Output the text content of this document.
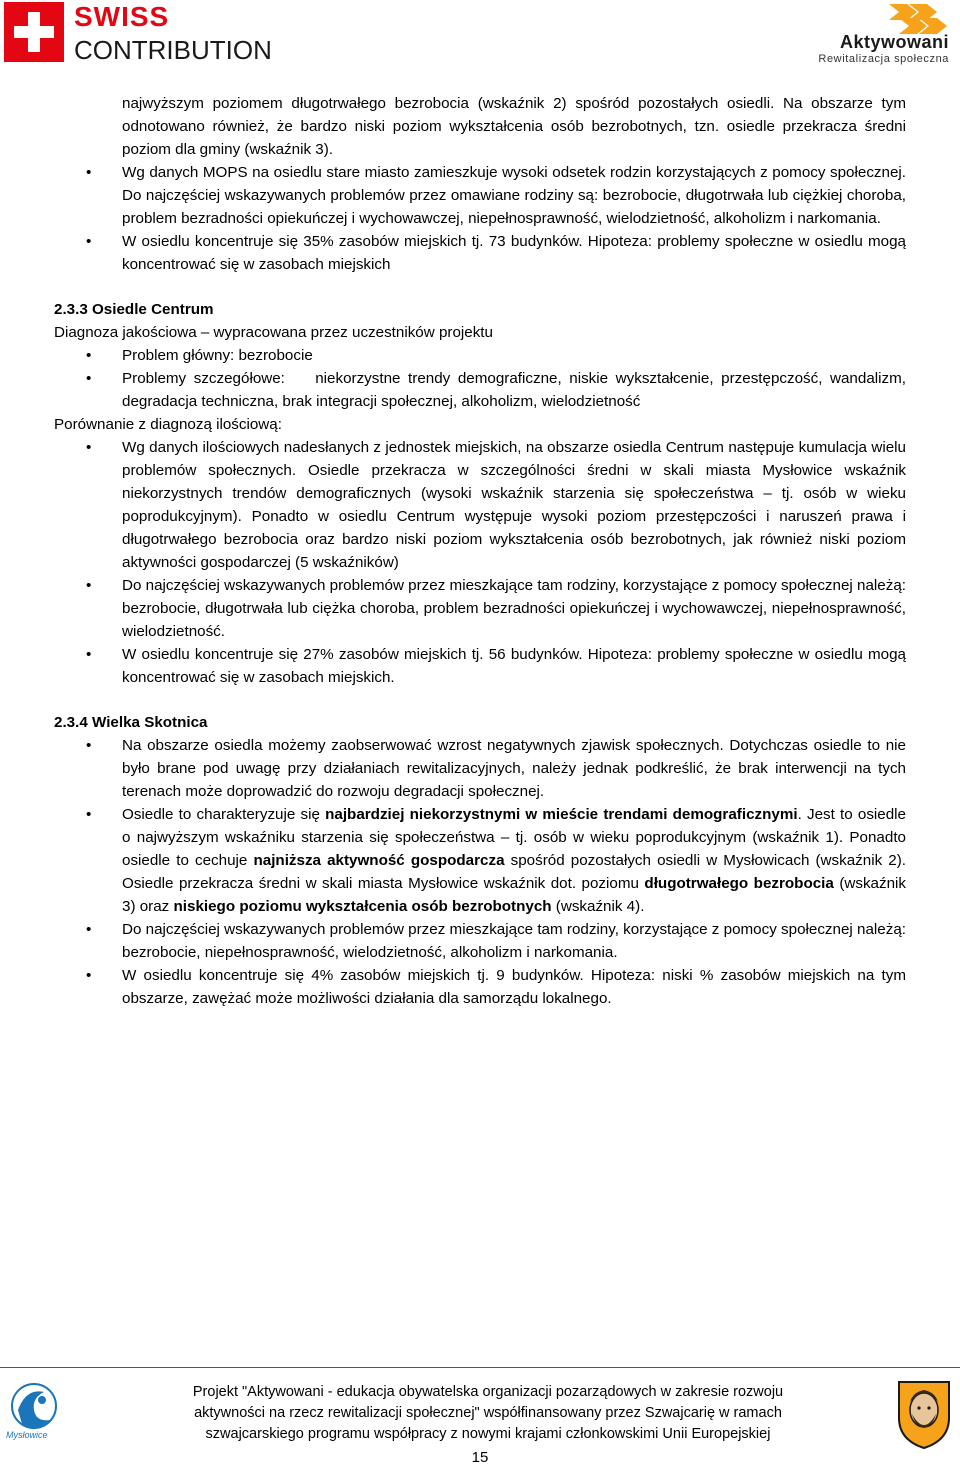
SWISS
CONTRIBUTION	Aktywowani
Rewitalizacja społeczna

najwyższym poziomem długotrwałego bezrobocia (wskaźnik 2) spośród pozostałych osiedli. Na obszarze tym odnotowano również, że bardzo niski poziom wykształcenia osób bezrobotnych, tzn. osiedle przekracza średni poziom dla gminy (wskaźnik 3).

• Wg danych MOPS na osiedlu stare miasto zamieszkuje wysoki odsetek rodzin korzystających z pomocy społecznej. Do najczęściej wskazywanych problemów przez omawiane rodziny są: bezrobocie, długotrwała lub ciężkiej choroba, problem bezradności opiekuńczej i wychowawczej, niepełnosprawność, wielodzietność, alkoholizm i narkomania.
• W osiedlu koncentruje się 35% zasobów miejskich tj. 73 budynków. Hipoteza: problemy społeczne w osiedlu mogą koncentrować się w zasobach miejskich

2.3.3 Osiedle Centrum

Diagnoza jakościowa – wypracowana przez uczestników projektu

• Problem główny: bezrobocie
• Problemy szczegółowe: niekorzystne trendy demograficzne, niskie wykształcenie, przestępczość, wandalizm, degradacja techniczna, brak integracji społecznej, alkoholizm, wielodzietność

Porównanie z diagnozą ilościową:

• Wg danych ilościowych nadesłanych z jednostek miejskich, na obszarze osiedla Centrum następuje kumulacja wielu problemów społecznych. Osiedle przekracza w szczególności średni w skali miasta Mysłowice wskaźnik niekorzystnych trendów demograficznych (wysoki wskaźnik starzenia się społeczeństwa – tj. osób w wieku poprodukcyjnym). Ponadto w osiedlu Centrum występuje wysoki poziom przestępczości i naruszeń prawa i długotrwałego bezrobocia oraz bardzo niski poziom wykształcenia osób bezrobotnych, jak również niski poziom aktywności gospodarczej (5 wskaźników)
• Do najczęściej wskazywanych problemów przez mieszkające tam rodziny, korzystające z pomocy społecznej należą: bezrobocie, długotrwała lub ciężka choroba, problem bezradności opiekuńczej i wychowawczej, niepełnosprawność, wielodzietność.
• W osiedlu koncentruje się 27% zasobów miejskich tj. 56 budynków. Hipoteza: problemy społeczne w osiedlu mogą koncentrować się w zasobach miejskich.

2.3.4 Wielka Skotnica

• Na obszarze osiedla możemy zaobserwować wzrost negatywnych zjawisk społecznych. Dotychczas osiedle to nie było brane pod uwagę przy działaniach rewitalizacyjnych, należy jednak podkreślić, że brak interwencji na tych terenach może doprowadzić do rozwoju degradacji społecznej.
• Osiedle to charakteryzuje się najbardziej niekorzystnymi w mieście trendami demograficznymi. Jest to osiedle o najwyższym wskaźniku starzenia się społeczeństwa – tj. osób w wieku poprodukcyjnym (wskaźnik 1). Ponadto osiedle to cechuje najniższa aktywność gospodarcza spośród pozostałych osiedli w Mysłowicach (wskaźnik 2). Osiedle przekracza średni w skali miasta Mysłowice wskaźnik dot. poziomu długotrwałego bezrobocia (wskaźnik 3) oraz niskiego poziomu wykształcenia osób bezrobotnych (wskaźnik 4).
• Do najczęściej wskazywanych problemów przez mieszkające tam rodziny, korzystające z pomocy społecznej należą: bezrobocie, niepełnosprawność, wielodzietność, alkoholizm i narkomania.
• W osiedlu koncentruje się 4% zasobów miejskich tj. 9 budynków. Hipoteza: niski % zasobów miejskich na tym obszarze, zawężać może możliwości działania dla samorządu lokalnego.
Mysłowice
Projekt "Aktywowani - edukacja obywatelska organizacji pozarządowych w zakresie rozwoju
aktywności na rzecz rewitalizacji społecznej" współfinansowany przez Szwajcarię w ramach
szwajcarskiego programu współpracy z nowymi krajami członkowskimi Unii Europejskiej
15
